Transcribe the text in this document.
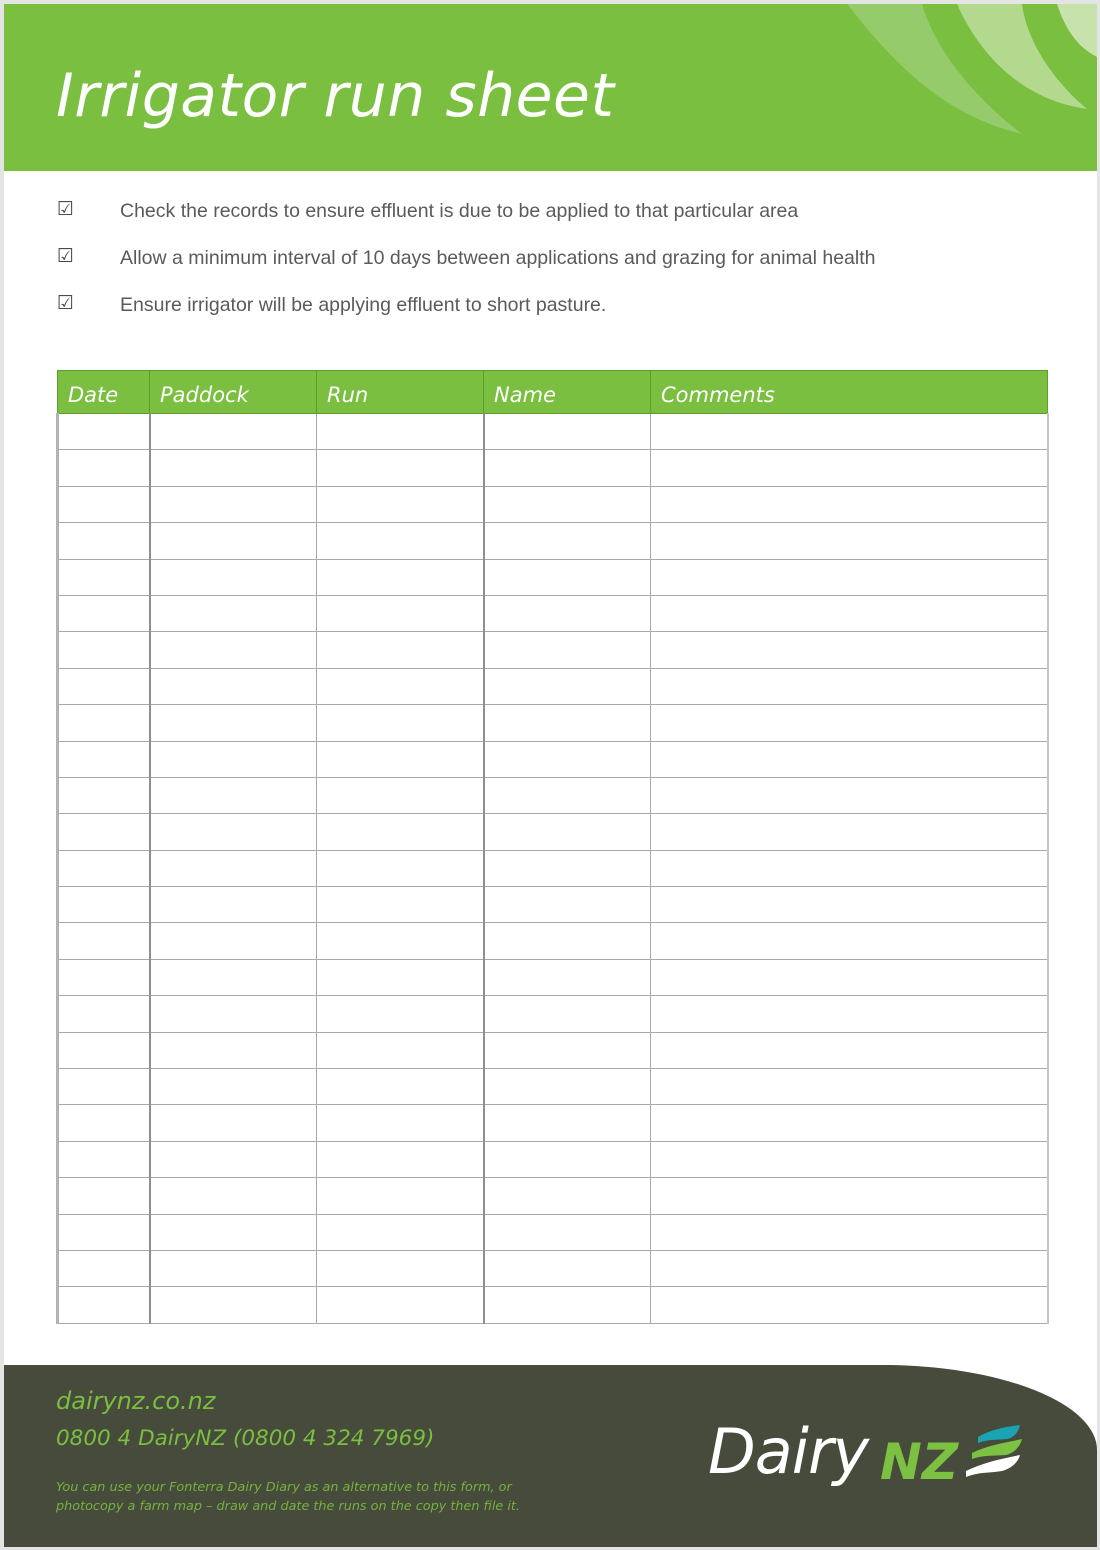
Irrigator run sheet
☑ Check the records to ensure effluent is due to be applied to that particular area
☑ Allow a minimum interval of 10 days between applications and grazing for animal health
☑ Ensure irrigator will be applying effluent to short pasture.
Date	Paddock	Run	Name	Comments

dairynz.co.nz

0800 4 DairyNZ (0800 4 324 7969)

You can use your Fonterra Dairy Diary as an alternative to this form, or
photocopy a farm map – draw and date the runs on the copy then file it.

Dairy NZ
